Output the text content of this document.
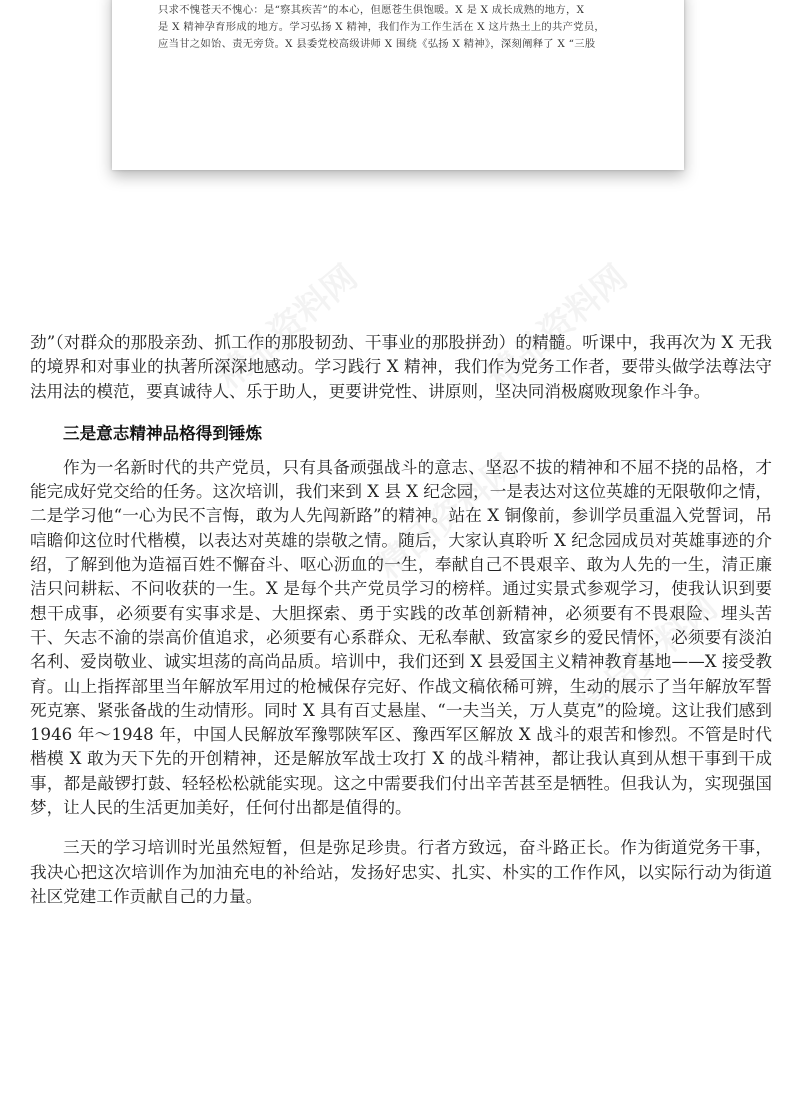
只求不愧苍天不愧心：是“察其疾苦”的本心，但愿苍生俱饱暖。X 是 X 成长成熟的地方，X
是 X 精神孕育形成的地方。学习弘扬 X 精神，我们作为工作生活在 X 这片热土上的共产党员，
应当甘之如饴、责无旁贷。X 县委党校高级讲师 X 围绕《弘扬 X 精神》，深刻阐释了 X “三股
精品资料网	精品资料网
精品资料网
精品资料网

劲”（对群众的那股亲劲、抓工作的那股韧劲、干事业的那股拼劲）的精髓。听课中，我再次为 X 无我的境界和对事业的执著所深深地感动。学习践行 X 精神，我们作为党务工作者，要带头做学法尊法守法用法的模范，要真诚待人、乐于助人，更要讲党性、讲原则，坚决同消极腐败现象作斗争。

三是意志精神品格得到锤炼

作为一名新时代的共产党员，只有具备顽强战斗的意志、坚忍不拔的精神和不屈不挠的品格，才能完成好党交给的任务。这次培训，我们来到 X 县 X 纪念园，一是表达对这位英雄的无限敬仰之情，二是学习他“一心为民不言悔，敢为人先闯新路”的精神。站在 X 铜像前，参训学员重温入党誓词，吊唁瞻仰这位时代楷模，以表达对英雄的崇敬之情。随后，大家认真聆听 X 纪念园成员对英雄事迹的介绍，了解到他为造福百姓不懈奋斗、呕心沥血的一生，奉献自己不畏艰辛、敢为人先的一生，清正廉洁只问耕耘、不问收获的一生。X 是每个共产党员学习的榜样。通过实景式参观学习，使我认识到要想干成事，必须要有实事求是、大胆探索、勇于实践的改革创新精神，必须要有不畏艰险、埋头苦干、矢志不渝的崇高价值追求，必须要有心系群众、无私奉献、致富家乡的爱民情怀，必须要有淡泊名利、爱岗敬业、诚实坦荡的高尚品质。培训中，我们还到 X 县爱国主义精神教育基地——X 接受教育。山上指挥部里当年解放军用过的枪械保存完好、作战文稿依稀可辨，生动的展示了当年解放军誓死克寨、紧张备战的生动情形。同时 X 具有百丈悬崖、“一夫当关，万人莫克”的险境。这让我们感到 1946 年～1948 年，中国人民解放军豫鄂陕军区、豫西军区解放 X 战斗的艰苦和惨烈。不管是时代楷模 X 敢为天下先的开创精神，还是解放军战士攻打 X 的战斗精神，都让我认真到从想干事到干成事，都是敲锣打鼓、轻轻松松就能实现。这之中需要我们付出辛苦甚至是牺牲。但我认为，实现强国梦，让人民的生活更加美好，任何付出都是值得的。

三天的学习培训时光虽然短暂，但是弥足珍贵。行者方致远，奋斗路正长。作为街道党务干事，我决心把这次培训作为加油充电的补给站，发扬好忠实、扎实、朴实的工作作风，以实际行动为街道社区党建工作贡献自己的力量。
